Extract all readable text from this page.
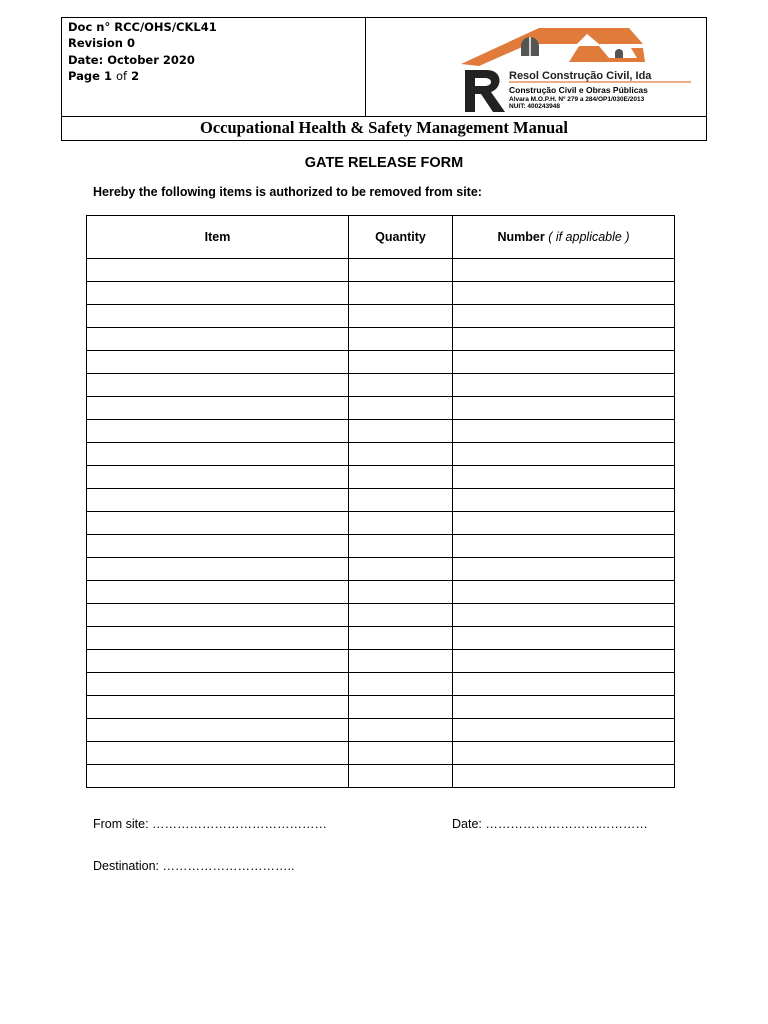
Doc n° RCC/OHS/CKL41
Revision 0
Date: October 2020
Page 1 of 2	Resol Construção Civil, Ida
Construção Civil e Obras Públicas
Alvara M.O.P.H. Nº 279 a 284/OP1/030E/2013
NUIT: 400243948
Occupational Health & Safety Management Manual
GATE RELEASE FORM
Hereby the following items is authorized to be removed from site:
Item	Quantity	Number ( if applicable )

From site: ……………………………………	Date: …………………………………
Destination: …………………………..
